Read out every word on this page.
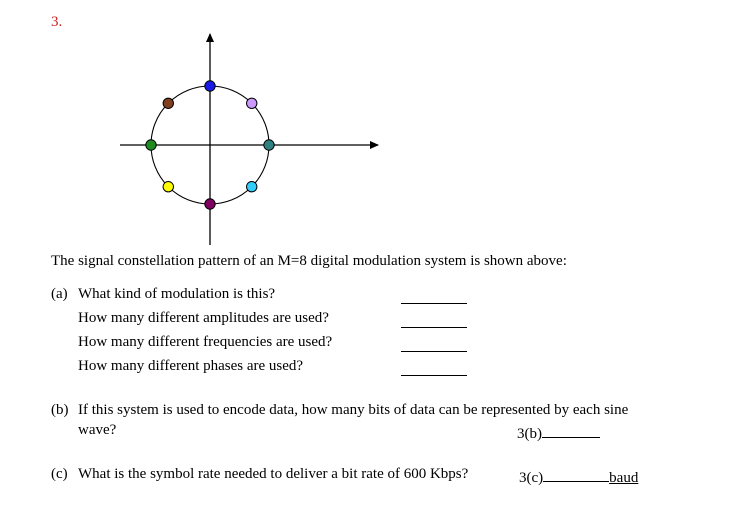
3.
The signal constellation pattern of an M=8 digital modulation system is shown above:
(a) What kind of modulation is this?
How many different amplitudes are used?
How many different frequencies are used?
How many different phases are used?
(b) If this system is used to encode data, how many bits of data can be represented by each sine
wave?	3(b)
(c) What is the symbol rate needed to deliver a bit rate of 600 Kbps?	3(c)	baud
